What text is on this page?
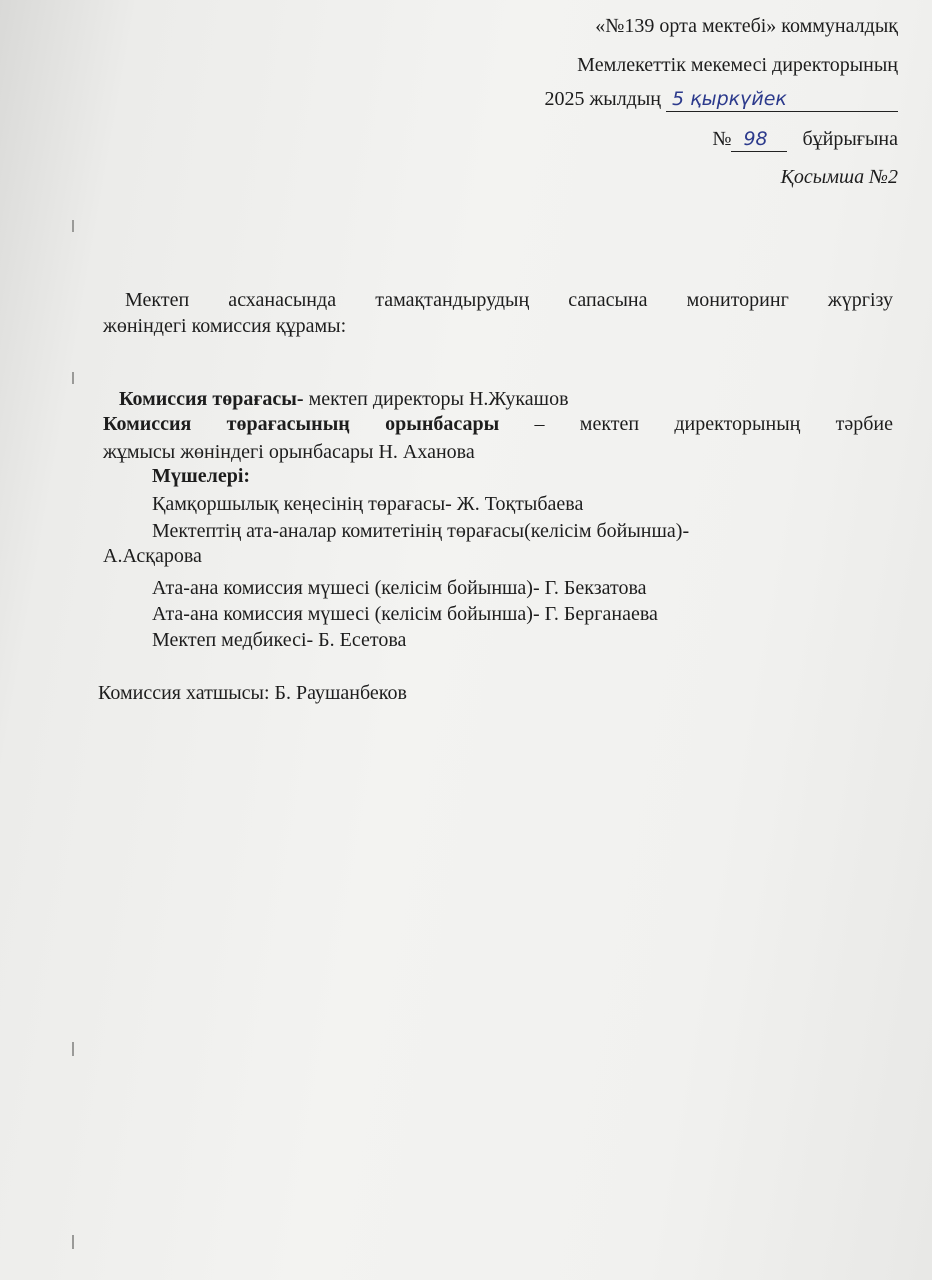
«№139 орта мектебі» коммуналдық
Мемлекеттік мекемесі директорының
2025 жылдың 5 қыркүйек
№ 98 бұйрығына
Қосымша №2
Мектеп асханасында тамақтандырудың сапасына мониторинг жүргізу
жөніндегі комиссия құрамы:
Комиссия төрағасы- мектеп директоры Н.Жукашов
Комиссия төрағасының орынбасары – мектеп директорының тәрбие
жұмысы жөніндегі орынбасары Н. Аханова
Мүшелері:
Қамқоршылық кеңесінің төрағасы- Ж. Тоқтыбаева
Мектептің ата-аналар комитетінің төрағасы(келісім бойынша)-
А.Асқарова
Ата-ана комиссия мүшесі (келісім бойынша)- Г. Бекзатова
Ата-ана комиссия мүшесі (келісім бойынша)- Г. Берганаева
Мектеп медбикесі- Б. Есетова
Комиссия хатшысы: Б. Раушанбеков
